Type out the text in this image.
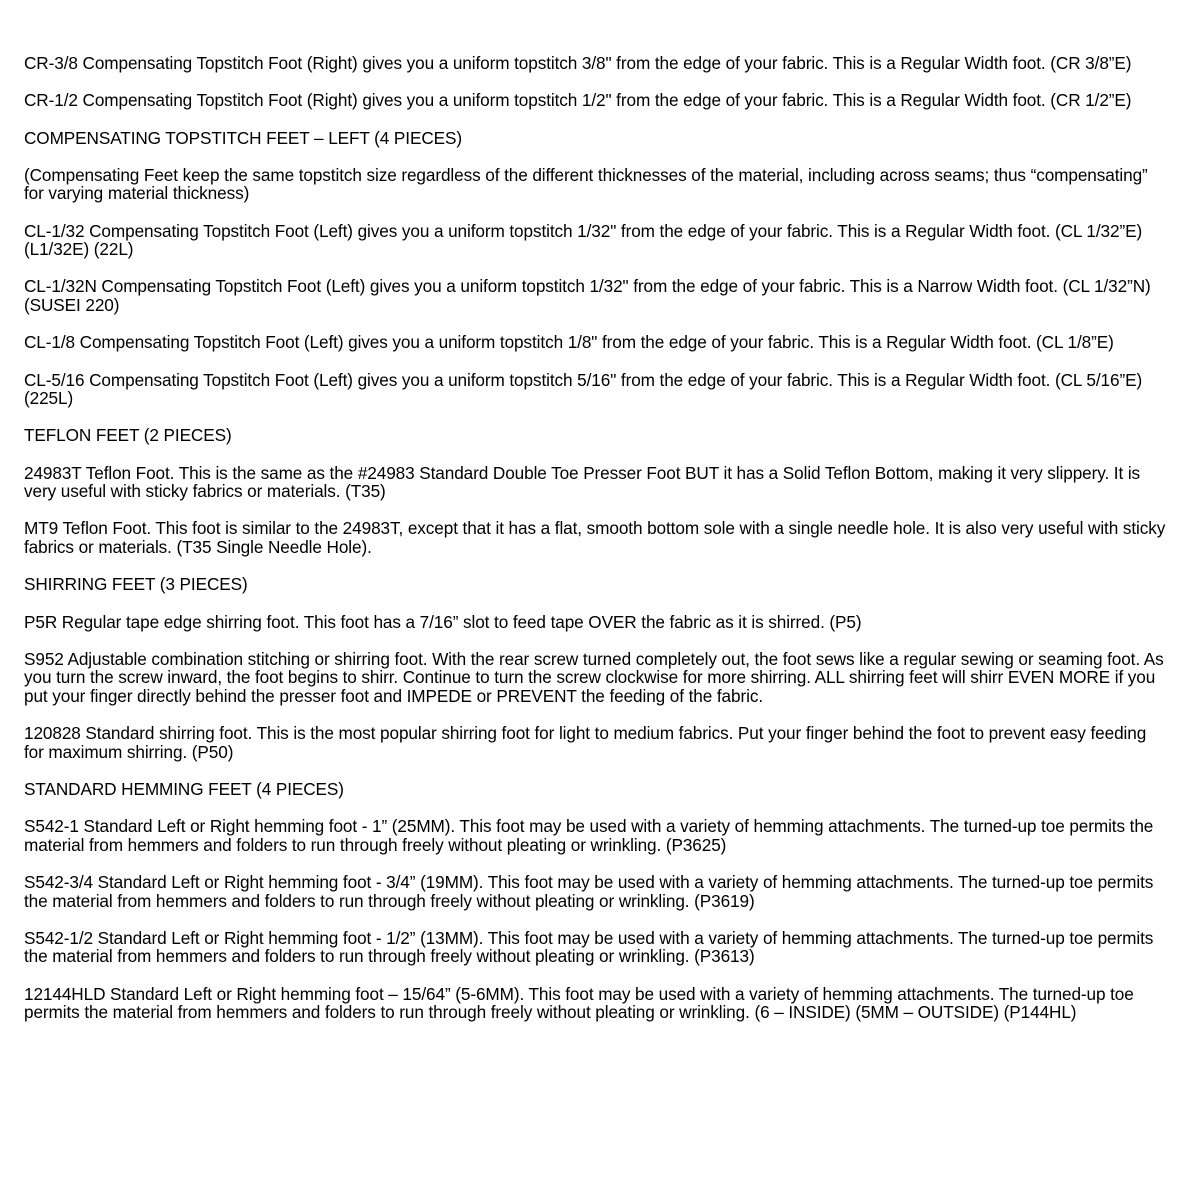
CR-3/8 Compensating Topstitch Foot (Right) gives you a uniform topstitch 3/8" from the edge of your fabric. This is a Regular Width foot. (CR 3/8”E)

CR-1/2 Compensating Topstitch Foot (Right) gives you a uniform topstitch 1/2" from the edge of your fabric. This is a Regular Width foot. (CR 1/2”E)

COMPENSATING TOPSTITCH FEET – LEFT (4 PIECES)

(Compensating Feet keep the same topstitch size regardless of the different thicknesses of the material, including across seams; thus “compensating” for varying material thickness)

CL-1/32 Compensating Topstitch Foot (Left) gives you a uniform topstitch 1/32" from the edge of your fabric. This is a Regular Width foot. (CL 1/32”E) (L1/32E) (22L)

CL-1/32N Compensating Topstitch Foot (Left) gives you a uniform topstitch 1/32" from the edge of your fabric. This is a Narrow Width foot. (CL 1/32”N) (SUSEI 220)

CL-1/8 Compensating Topstitch Foot (Left) gives you a uniform topstitch 1/8" from the edge of your fabric. This is a Regular Width foot. (CL 1/8”E)

CL-5/16 Compensating Topstitch Foot (Left) gives you a uniform topstitch 5/16" from the edge of your fabric. This is a Regular Width foot. (CL 5/16”E)(225L)

TEFLON FEET (2 PIECES)

24983T Teflon Foot. This is the same as the #24983 Standard Double Toe Presser Foot BUT it has a Solid Teflon Bottom, making it very slippery. It is very useful with sticky fabrics or materials. (T35)

MT9 Teflon Foot. This foot is similar to the 24983T, except that it has a flat, smooth bottom sole with a single needle hole. It is also very useful with sticky fabrics or materials. (T35 Single Needle Hole).

SHIRRING FEET (3 PIECES)

P5R Regular tape edge shirring foot. This foot has a 7/16” slot to feed tape OVER the fabric as it is shirred. (P5)

S952 Adjustable combination stitching or shirring foot. With the rear screw turned completely out, the foot sews like a regular sewing or seaming foot. As you turn the screw inward, the foot begins to shirr. Continue to turn the screw clockwise for more shirring. ALL shirring feet will shirr EVEN MORE if you put your finger directly behind the presser foot and IMPEDE or PREVENT the feeding of the fabric.

120828 Standard shirring foot. This is the most popular shirring foot for light to medium fabrics. Put your finger behind the foot to prevent easy feeding for maximum shirring. (P50)

STANDARD HEMMING FEET (4 PIECES)

S542-1 Standard Left or Right hemming foot - 1” (25MM). This foot may be used with a variety of hemming attachments. The turned-up toe permits the material from hemmers and folders to run through freely without pleating or wrinkling. (P3625)

S542-3/4 Standard Left or Right hemming foot - 3/4” (19MM). This foot may be used with a variety of hemming attachments. The turned-up toe permits the material from hemmers and folders to run through freely without pleating or wrinkling. (P3619)

S542-1/2 Standard Left or Right hemming foot - 1/2” (13MM). This foot may be used with a variety of hemming attachments. The turned-up toe permits the material from hemmers and folders to run through freely without pleating or wrinkling. (P3613)

12144HLD Standard Left or Right hemming foot – 15/64” (5-6MM). This foot may be used with a variety of hemming attachments. The turned-up toe permits the material from hemmers and folders to run through freely without pleating or wrinkling. (6 – INSIDE) (5MM – OUTSIDE) (P144HL)
